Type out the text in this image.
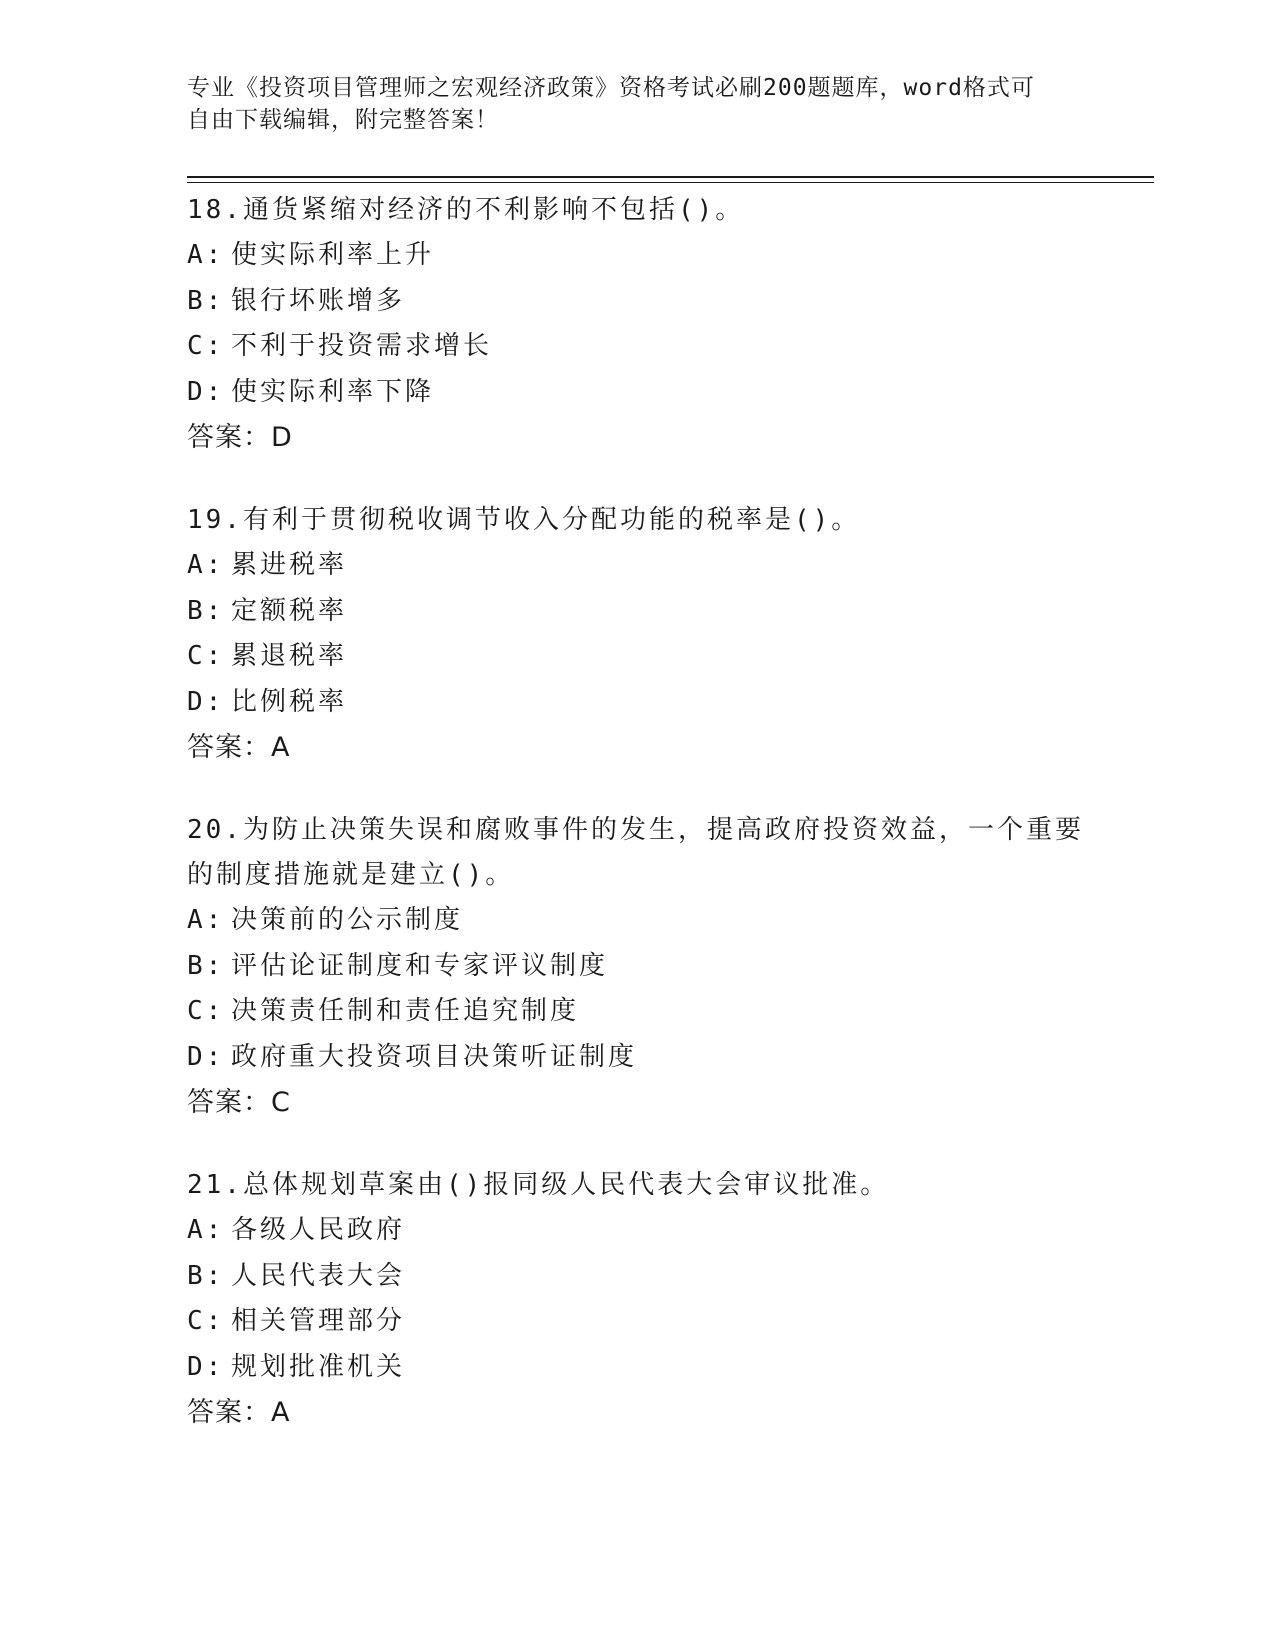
专业《投资项目管理师之宏观经济政策》资格考试必刷200题题库，word格式可
自由下载编辑，附完整答案！
18.通货紧缩对经济的不利影响不包括()。
A: 使实际利率上升
B: 银行坏账增多
C: 不利于投资需求增长
D: 使实际利率下降
答案：D
19.有利于贯彻税收调节收入分配功能的税率是()。
A: 累进税率
B: 定额税率
C: 累退税率
D: 比例税率
答案：A
20.为防止决策失误和腐败事件的发生，提高政府投资效益，一个重要
的制度措施就是建立()。
A: 决策前的公示制度
B: 评估论证制度和专家评议制度
C: 决策责任制和责任追究制度
D: 政府重大投资项目决策听证制度
答案：C
21.总体规划草案由()报同级人民代表大会审议批准。
A: 各级人民政府
B: 人民代表大会
C: 相关管理部分
D: 规划批准机关
答案：A
